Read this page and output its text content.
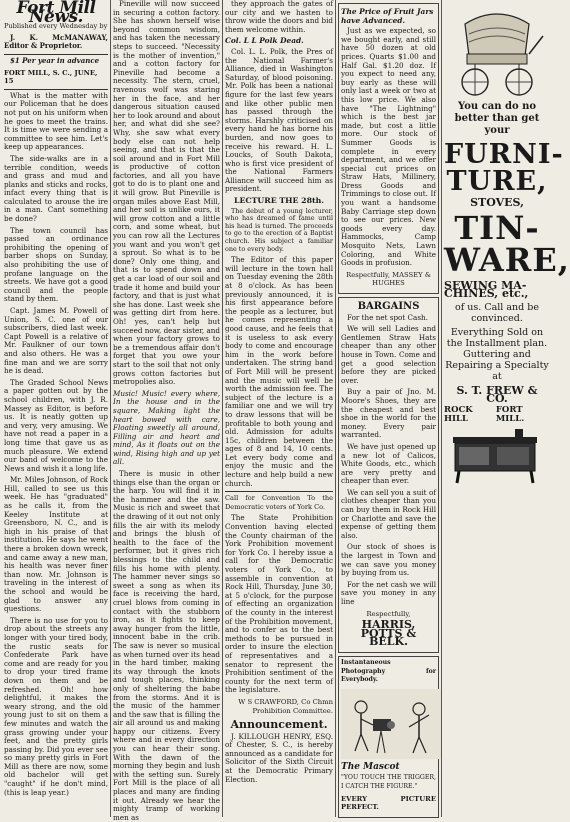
Fort Mill News.

Published every Wednesday by

J. K. McMANAWAY, Editor & Proprietor.

$1 Per year in advance

FORT MILL, S. C., JUNE, 15

What is the matter with our Policeman that he does not put on his uniform when he goes to meet the trains. It is time we were sending a committee to see him. Let's keep up appearances.

The side-walks are in a terrible condition, weeds and grass and mud and planks and sticks and rocks, infact every thing that is calculated to arouse the ire in a man. Cant something be done?

The town council has passed an ordinance prohibiting the opening of barber shops on Sunday, also prohibiting the use of profane language on the streets. We have got a good council and the people stand by them.

Capt. James M. Powell of Union, S. C. one of our subscribers, died last week. Capt Powell is a relative of Mr. Faulkner of our town and also others. He was a fine man and we are sorry he is dead.

The Graded School News a paper gotten out by the school children, with J. R. Massey as Editor, is before us. It is neatly gotten up and very, very amusing. We have not read a paper in a long time that gave us as much pleasure. We extend our band of welcome to the News and wish it a long life.

Mr. Miles Johnson, of Rock Hill, called to see us this week. He has "graduated" as he calls it, from the Keeley Institute at Greensboro, N. C., and is high in his praise of that institution. He says he went there a broken down wreck, and came away a new man, his health was never finer than now. Mr. Johnson is traveling in the interest of the school and would be glad to answer any questions.

There is no use for you to drop about the streets any longer with your tired body, the rustic seats for Confederate Park have come and are ready for you to drop your tired frame down on them and be refreshed. Oh! how delightful, it makes the weary strong, and the old young just to sit on them a few minutes and watch the grass growing under your feet, and the pretty girls passing by. Did you ever see so many pretty girls in Fort Mill as there are now, some old bachelor will get "caught" if he don't mind, (this is leap year.)

Pineville will now succeed in securing a cotton factory. She has shown herself wise beyond common wisdom, and has taken the necessary steps to succeed. "Necessity is the mother of invention," and a cotton factory for Pineville had become a necessity. The stern, cruel, ravenous wolf was staring her in the face, and her dangerous situation caused her to look around and about her, and what did she see? Why, she saw what every body else can not help seeing, and that is that the soil around and in Fort Mill is productive of cotton factories, and all you have got to do is to plant one and it will grow. But Pineville is organ miles above East Mill, and her soil is unlike ours, it will grow cotton and a little corn, and some wheat, but you can row all the Lectures you want and you won't get a sprout. So what is to be done? Only one thing, and that is to spend down and get a car load of our soil and trade it home and build your factory, and that is just what she has done. Last week she was getting dirt from here. Oh! yes, can't help but succeed now, dear sister, and when your factory grows to be a tremendous affair don't forget that you owe your start to the soil that not only grows cotton factories but metropolies also.

Music! Music! every where, In the house and in the square, Making light the heart bowed with care, Floating sweetly all around, Filling air and heart and mind, As it floats out on the wind, Rising high and up yet all.

There is music in other things else than the organ or the harp. You will find it in the hammer and the saw. Music is rich and sweet that the drawing of it out not only fills the air with its melody and brings the blush of health to the face of the performer, but it gives rich blessings to the child and fills his home with plenty. The hammer never sings so sweet a song as when its face is receiving the hard, cruel blows from coming in contact with the stubborn iron, as it fights to keep away hunger from the little, innocent babe in the crib. The saw is never so musical as when turned over its head in the hard timber, making its way through the knots and tough places, thinking only of sheltering the babe from the storms. And it is the music of the hammer and the saw that is filling the air all around us and making happy our citizens. Every where and in every direction you can hear their song. With the dawn of the morning they begin and lush with the setting sun. Surely Fort Mill is the place of all places and many are finding it out. Already we hear the mighty tramp of working men as

they approach the gates of our city and we hasten to throw wide the doors and bid them welcome within.

Col. L L Polk Dead.

Col. L. L. Polk, the Pres of the National Farmer's Alliance, died in Washington Saturday, of blood poisoning. Mr. Polk has been a national figure for the last few years and like other public men has passed through the storms. Harshly criticised on every hand he has borne his burden, and now goes to receive his reward. H. L. Loucks, of South Dakota, who is first vice president of the National Farmers Alliance will succeed him as president.

LECTURE THE 28th.

The debut of a young lecturer, who has dreamed of fame until his head is turned. The proceeds to go to the erection of a Baptist church. His subject a familiar one to every body.

The Editor of this paper will lecture in the town hall on Tuesday evening the 28th at 8 o'clock. As has been previously announced, it is his first appearance before the people as a lecturer, but he comes representing a good cause, and he feels that it is useless to ask every body to come and encourage him in the work before undertaken. The string band of Fort Mill will be present and the music will well be worth the admission fee. The subject of the lecture is a familiar one and we will try to draw lessons that will be profitable to both young and old. Admission for adults 15c, children between the ages of 8 and 14, 10 cents. Let every body come and enjoy the music and the lecture and help build a new church.

Call for Convention To the Democratic voters of York Co.

The State Prohibition Convention having elected the County chairman of the York Prohibition movement for York Co. I hereby issue a call for the Democratic voters of York Co., to assemble in convention at Rock Hill, Thursday, June 30, at 5 o'clock, for the purpose of effecting an organization of the county in the interest of the Prohibition movement, and to confer as to the best methods to be pursued in order to insure the election of representatives and a senator to represent the Prohibition sentiment of the county for the next term of the legislature.

W S CRAWFORD, Co Chmn Prohibition Committee.
Announcement.

J. KILLOUGH HENRY, ESQ. of Chester, S. C., is hereby announced as a candidate for Solicitor of the Sixth Circuit at the Democratic Primary Election.

The Price of Fruit Jars have Advanced.

Just as we expected, so we bought early, and still have 50 dozen at old prices. Quarts $1.00 and Half Gal. $1.20 doz. If you expect to need any, buy early as these will only last a week or two at this low price. We also have "The Lightning" which is the best jar made, but cost a little more. Our stock of Summer Goods is complete in every department, and we offer special cut prices on Straw Hats, Millinery, Dress Goods and Trimmings to close out. If you want a handsome Baby Carriage step down to see our prices. New goods every day. Hammocks, Camp Mosquito Nets, Lawn Coloring, and White Goods in profusion.

Respectfully, MASSEY & HUGHES
BARGAINS

For the net spot Cash.

We will sell Ladies and Gentlemen Straw Hats cheaper than any other house in Town. Come and get a good selection before they are picked over.

Buy a pair of Jno. M. Moore's Shoes, they are the cheapest and best shoe in the world for the money. Every pair warranted.

We have just opened up a new lot of Calicos, White Goods, etc., which are very pretty and cheaper than ever.

We can sell you a suit of clothes cheaper than you can buy them in Rock Hill or Charlotte and save the expense of getting them also.

Our stock of shoes is the largest in Town and we can save you money by buying from us.

For the net cash we will save you money in any line

Respectfully,
HARRIS, POTTS & BELK.

Instantaneous Photography for Everybody.

The Mascot

"YOU TOUCH THE TRIGGER, I CATCH THE FIGURE."

EVERY PICTURE PERFECT.

You can do no better than get your
FURNI-TURE,
STOVES,
TIN-WARE,
SEWING MA-CHINES, etc.,
of us. Call and be convinced.
Everything Sold on the Installment plan. Guttering and Repairing a Specialty at
S. T. FREW & CO.
ROCK HILL
FORT MILL.
